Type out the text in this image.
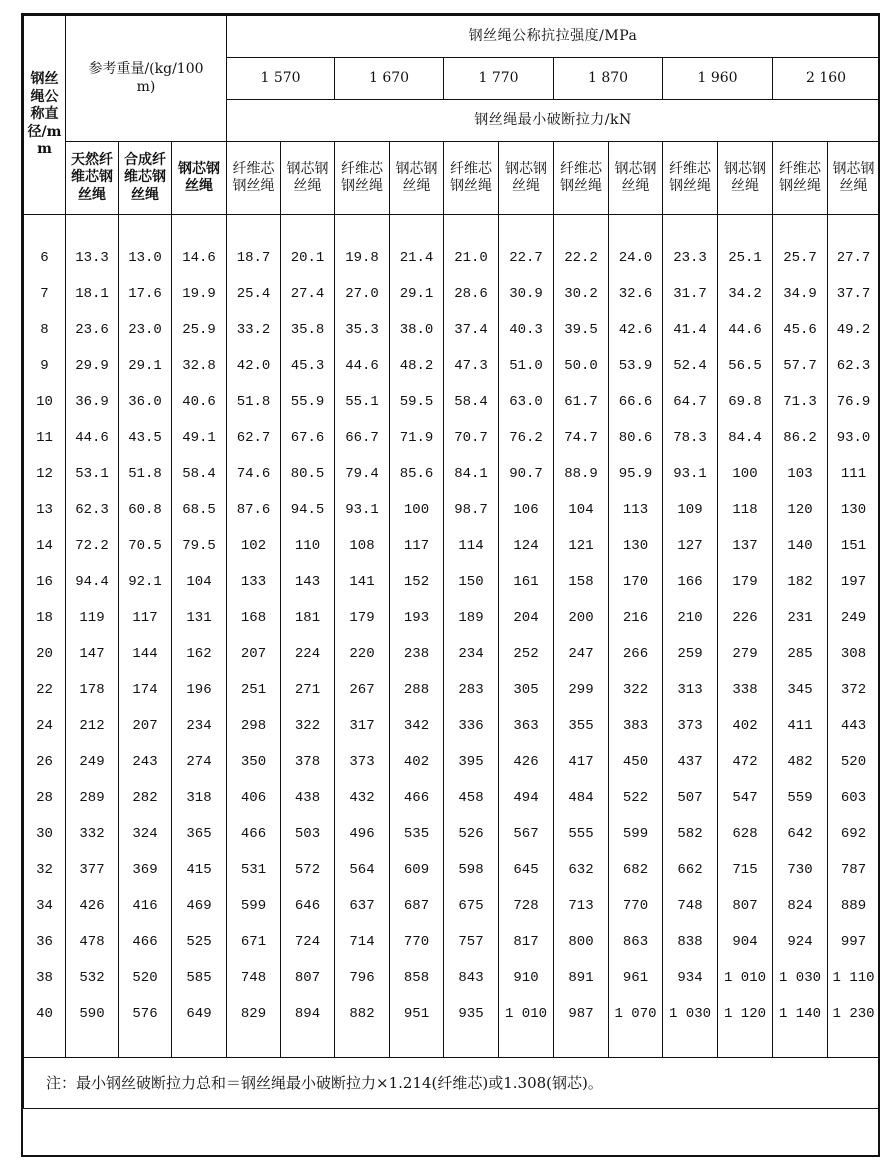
钢丝绳公称直径/mm	参考重量/(kg/100 m)			钢丝绳公称抗拉强度/MPa											
				1 570		1 670		1 770		1 870		1 960		2 160	
				钢丝绳最小破断拉力/kN											
	天然纤维芯钢丝绳	合成纤维芯钢丝绳	钢芯钢丝绳	纤维芯钢丝绳	钢芯钢丝绳	纤维芯钢丝绳	钢芯钢丝绳	纤维芯钢丝绳	钢芯钢丝绳	纤维芯钢丝绳	钢芯钢丝绳	纤维芯钢丝绳	钢芯钢丝绳	纤维芯钢丝绳	钢芯钢丝绳

6	13.3	13.0	14.6	18.7	20.1	19.8	21.4	21.0	22.7	22.2	24.0	23.3	25.1	25.7	27.7
7	18.1	17.6	19.9	25.4	27.4	27.0	29.1	28.6	30.9	30.2	32.6	31.7	34.2	34.9	37.7
8	23.6	23.0	25.9	33.2	35.8	35.3	38.0	37.4	40.3	39.5	42.6	41.4	44.6	45.6	49.2
9	29.9	29.1	32.8	42.0	45.3	44.6	48.2	47.3	51.0	50.0	53.9	52.4	56.5	57.7	62.3
10	36.9	36.0	40.6	51.8	55.9	55.1	59.5	58.4	63.0	61.7	66.6	64.7	69.8	71.3	76.9
11	44.6	43.5	49.1	62.7	67.6	66.7	71.9	70.7	76.2	74.7	80.6	78.3	84.4	86.2	93.0
12	53.1	51.8	58.4	74.6	80.5	79.4	85.6	84.1	90.7	88.9	95.9	93.1	100	103	111
13	62.3	60.8	68.5	87.6	94.5	93.1	100	98.7	106	104	113	109	118	120	130
14	72.2	70.5	79.5	102	110	108	117	114	124	121	130	127	137	140	151
16	94.4	92.1	104	133	143	141	152	150	161	158	170	166	179	182	197
18	119	117	131	168	181	179	193	189	204	200	216	210	226	231	249
20	147	144	162	207	224	220	238	234	252	247	266	259	279	285	308
22	178	174	196	251	271	267	288	283	305	299	322	313	338	345	372
24	212	207	234	298	322	317	342	336	363	355	383	373	402	411	443
26	249	243	274	350	378	373	402	395	426	417	450	437	472	482	520
28	289	282	318	406	438	432	466	458	494	484	522	507	547	559	603
30	332	324	365	466	503	496	535	526	567	555	599	582	628	642	692
32	377	369	415	531	572	564	609	598	645	632	682	662	715	730	787
34	426	416	469	599	646	637	687	675	728	713	770	748	807	824	889
36	478	466	525	671	724	714	770	757	817	800	863	838	904	924	997
38	532	520	585	748	807	796	858	843	910	891	961	934	1 010	1 030	1 110
40	590	576	649	829	894	882	951	935	1 010	987	1 070	1 030	1 120	1 140	1 230

注：最小钢丝破断拉力总和＝钢丝绳最小破断拉力×1.214(纤维芯)或1.308(钢芯)。															
